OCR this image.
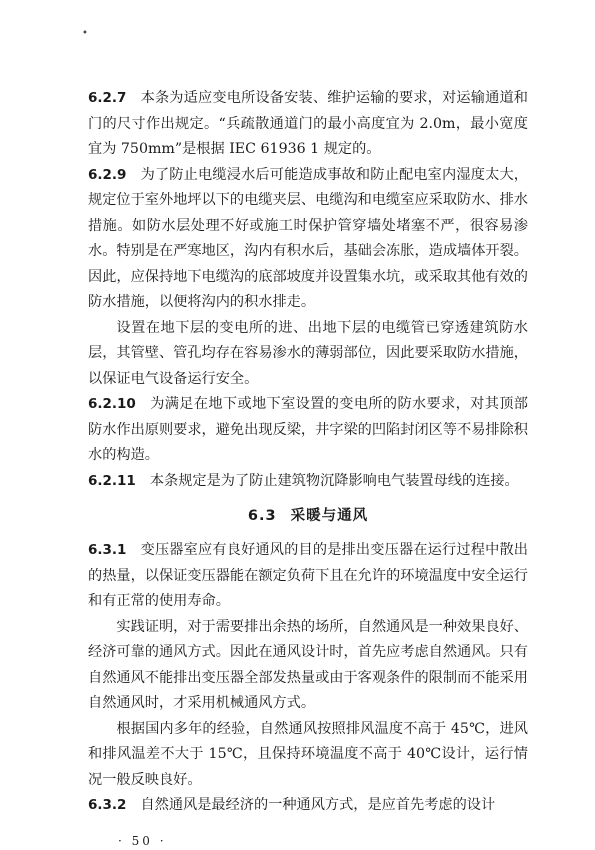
•

6.2.7 本条为适应变电所设备安装、维护运输的要求，对运输通道和门的尺寸作出规定。“兵疏散通道门的最小高度宜为 2.0m，最小宽度宜为 750mm”是根据 IEC 61936 1 规定的。

6.2.9 为了防止电缆浸水后可能造成事故和防止配电室内湿度太大，规定位于室外地坪以下的电缆夹层、电缆沟和电缆室应采取防水、排水措施。如防水层处理不好或施工时保护管穿墙处堵塞不严，很容易渗水。特别是在严寒地区，沟内有积水后，基础会冻胀，造成墙体开裂。因此，应保持地下电缆沟的底部坡度并设置集水坑，或采取其他有效的防水措施，以便将沟内的积水排走。

设置在地下层的变电所的进、出地下层的电缆管已穿透建筑防水层，其管壁、管孔均存在容易渗水的薄弱部位，因此要采取防水措施，以保证电气设备运行安全。

6.2.10 为满足在地下或地下室设置的变电所的防水要求，对其顶部防水作出原则要求，避免出现反梁，井字梁的凹陷封闭区等不易排除积水的构造。

6.2.11 本条规定是为了防止建筑物沉降影响电气装置母线的连接。

6.3 采暖与通风

6.3.1 变压器室应有良好通风的目的是排出变压器在运行过程中散出的热量，以保证变压器能在额定负荷下且在允许的环境温度中安全运行和有正常的使用寿命。

实践证明，对于需要排出余热的场所，自然通风是一种效果良好、经济可靠的通风方式。因此在通风设计时，首先应考虑自然通风。只有自然通风不能排出变压器全部发热量或由于客观条件的限制而不能采用自然通风时，才采用机械通风方式。

根据国内多年的经验，自然通风按照排风温度不高于 45℃，进风和排风温差不大于 15℃，且保持环境温度不高于 40℃设计，运行情况一般反映良好。

6.3.2 自然通风是最经济的一种通风方式，是应首先考虑的设计

· 50 ·
